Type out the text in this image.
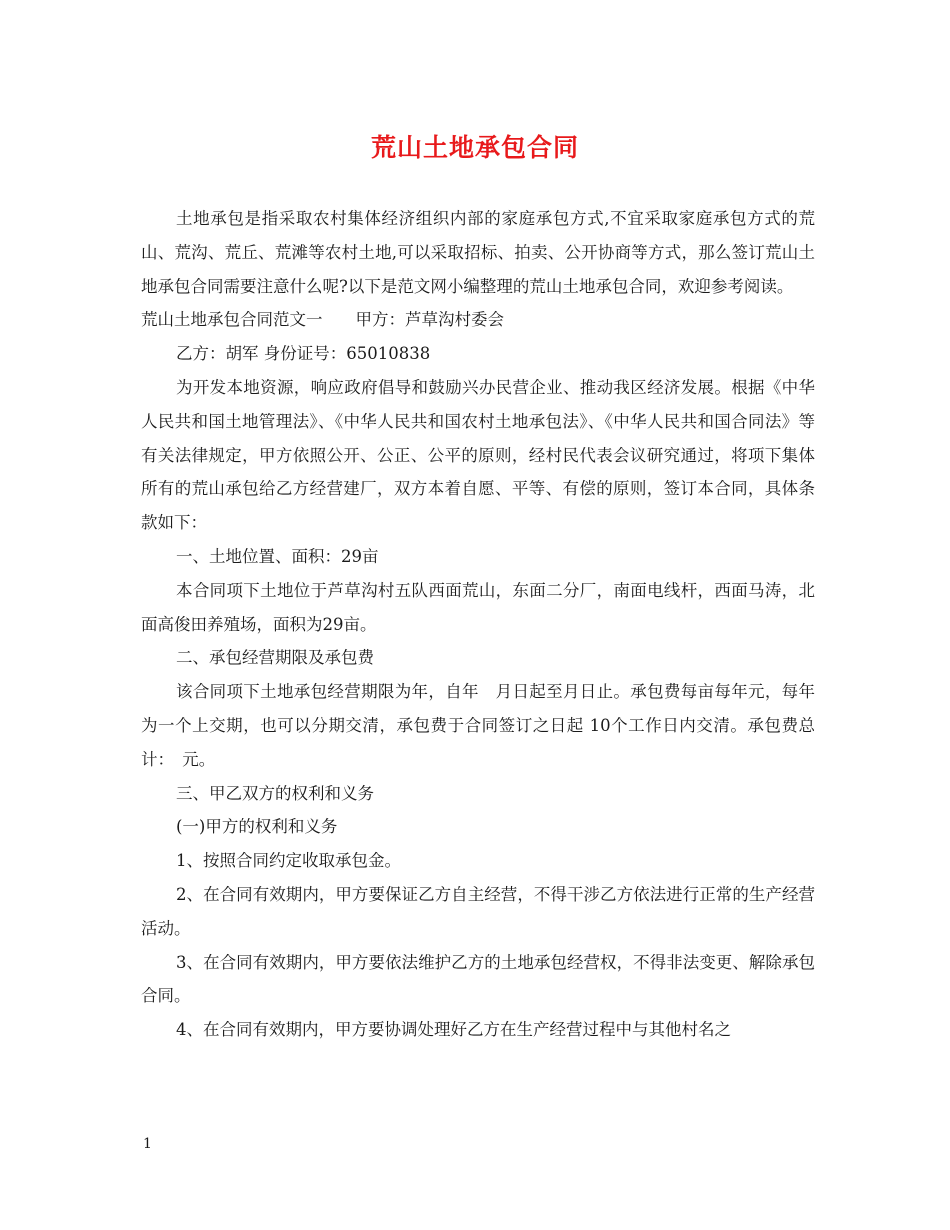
荒山土地承包合同

土地承包是指采取农村集体经济组织内部的家庭承包方式,不宜采取家庭承包方式的荒山、荒沟、荒丘、荒滩等农村土地,可以采取招标、拍卖、公开协商等方式，那么签订荒山土地承包合同需要注意什么呢?以下是范文网小编整理的荒山土地承包合同，欢迎参考阅读。

荒山土地承包合同范文一　　甲方：芦草沟村委会

乙方：胡军 身份证号：65010838

为开发本地资源，响应政府倡导和鼓励兴办民营企业、推动我区经济发展。根据《中华人民共和国土地管理法》、《中华人民共和国农村土地承包法》、《中华人民共和国合同法》等有关法律规定，甲方依照公开、公正、公平的原则，经村民代表会议研究通过，将项下集体所有的荒山承包给乙方经营建厂，双方本着自愿、平等、有偿的原则，签订本合同，具体条款如下：

一、土地位置、面积：29亩

本合同项下土地位于芦草沟村五队西面荒山，东面二分厂，南面电线杆，西面马涛，北面高俊田养殖场，面积为29亩。

二、承包经营期限及承包费

该合同项下土地承包经营期限为年，自年　月日起至月日止。承包费每亩每年元，每年为一个上交期，也可以分期交清，承包费于合同签订之日起 10个工作日内交清。承包费总计：　元。

三、甲乙双方的权利和义务

(一)甲方的权利和义务

1、按照合同约定收取承包金。

2、在合同有效期内，甲方要保证乙方自主经营，不得干涉乙方依法进行正常的生产经营活动。

3、在合同有效期内，甲方要依法维护乙方的土地承包经营权，不得非法变更、解除承包合同。

4、在合同有效期内，甲方要协调处理好乙方在生产经营过程中与其他村名之

1
